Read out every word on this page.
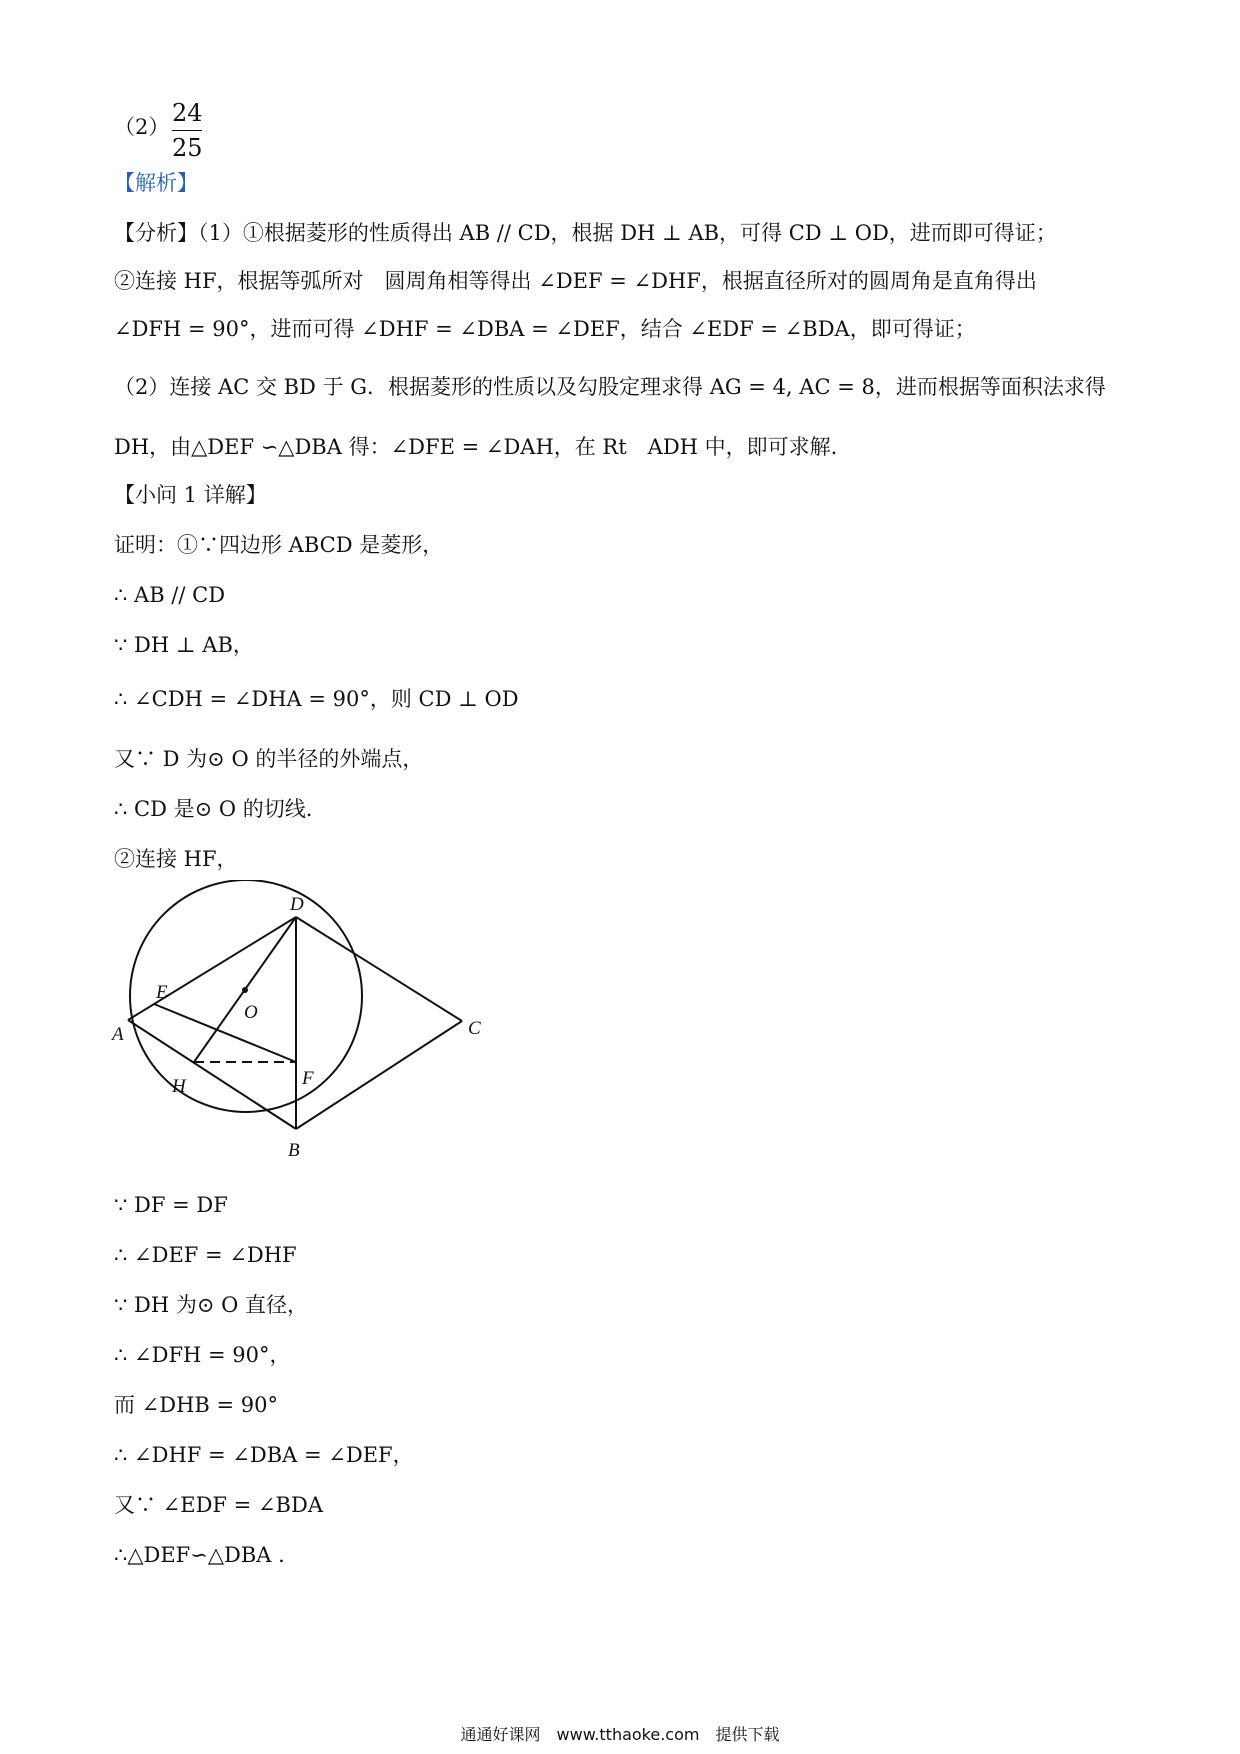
（2） 24
25
【解析】
【分析】（1）①根据菱形的性质得出 AB // CD，根据 DH ⊥ AB，可得 CD ⊥ OD，进而即可得证；
②连接 HF，根据等弧所对　圆周角相等得出 ∠DEF = ∠DHF，根据直径所对的圆周角是直角得出
∠DFH = 90°，进而可得 ∠DHF = ∠DBA = ∠DEF，结合 ∠EDF = ∠BDA，即可得证；
（2）连接 AC 交 BD 于 G．根据菱形的性质以及勾股定理求得 AG = 4, AC = 8，进而根据等面积法求得
DH，由△DEF ∽△DBA 得：∠DFE = ∠DAH，在 Rt　ADH 中，即可求解.
【小问 1 详解】
证明：①∵四边形 ABCD 是菱形，
∴ AB // CD
∵ DH ⊥ AB，
∴ ∠CDH = ∠DHA = 90°，则 CD ⊥ OD
又∵ D 为⊙ O 的半径的外端点，
∴ CD 是⊙ O 的切线.
②连接 HF，
D
E
O
A	C
F
H
B
∵ DF = DF
∴ ∠DEF = ∠DHF
∵ DH 为⊙ O 直径，
∴ ∠DFH = 90°，
而 ∠DHB = 90°
∴ ∠DHF = ∠DBA = ∠DEF，
又∵ ∠EDF = ∠BDA
∴△DEF∽△DBA .
通通好课网　www.tthaoke.com　提供下载
